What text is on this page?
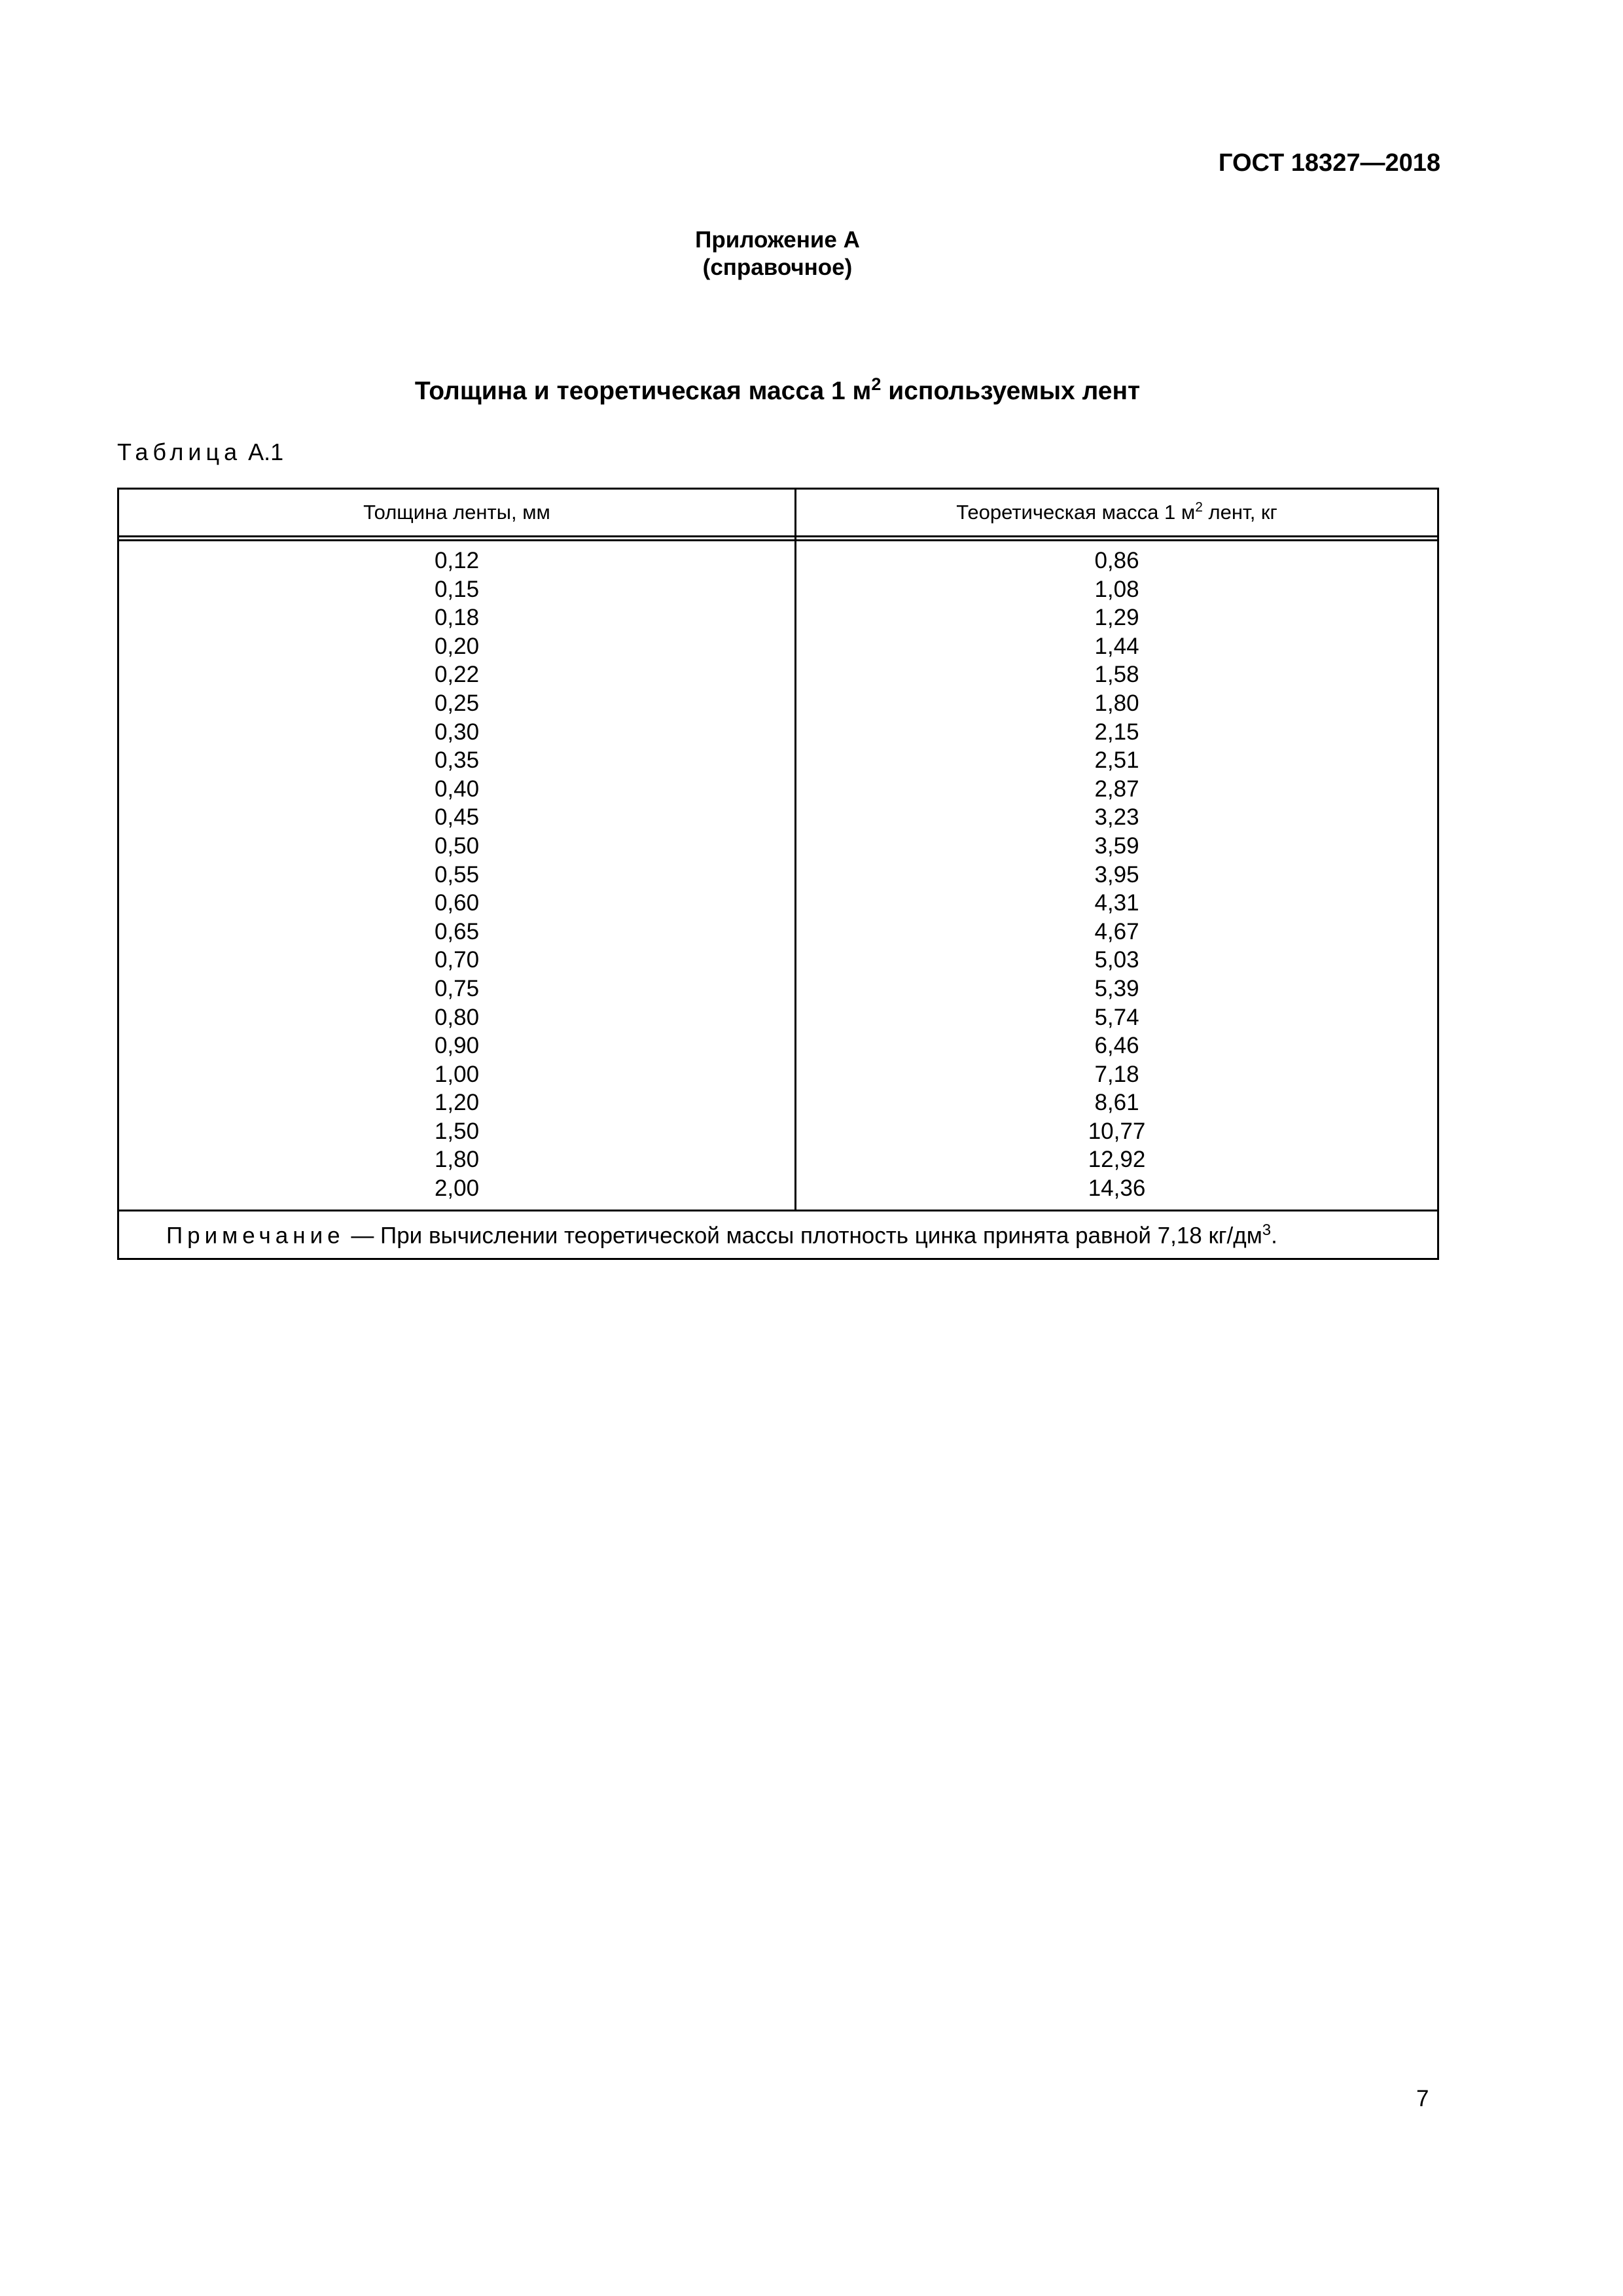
ГОСТ 18327—2018
Приложение А
(справочное)
Толщина и теоретическая масса 1 $м^2$ используемых лент
Таблица А.1
Толщина ленты, мм	Теоретическая масса 1 $м^2$ лент, кг
0,12
0,15
0,18
0,20
0,22
0,25
0,30
0,35
0,40
0,45
0,50
0,55
0,60
0,65
0,70
0,75
0,80
0,90
1,00
1,20
1,50
1,80
2,00
0,86
1,08
1,29
1,44
1,58
1,80
2,15
2,51
2,87
3,23
3,59
3,95
4,31
4,67
5,03
5,39
5,74
6,46
7,18
8,61
10,77
12,92
14,36
Примечание — При вычислении теоретической массы плотность цинка принята равной 7,18 $кг/дм^3$.
7
